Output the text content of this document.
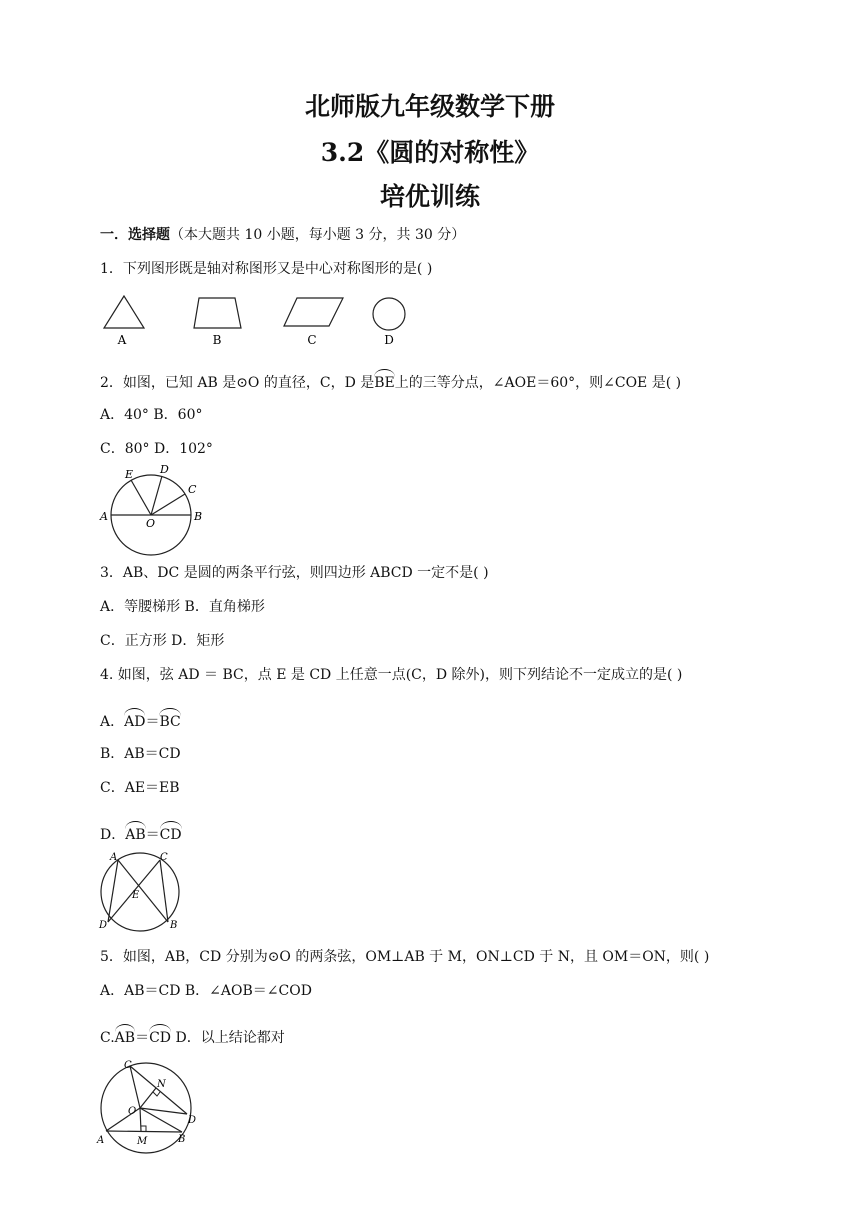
北师版九年级数学下册
3.2《圆的对称性》
培优训练
一．选择题（本大题共 10 小题，每小题 3 分，共 30 分）
1．下列图形既是轴对称图形又是中心对称图形的是( )
A	B	C	D
2．如图，已知 AB 是⊙O 的直径，C，D 是BE上的三等分点，∠AOE＝60°，则∠COE 是( )
A．40° B．60°
C．80° D．102°
A	B
C
D
E
O
3．AB、DC 是圆的两条平行弦，则四边形 ABCD 一定不是( )
A．等腰梯形 B．直角梯形
C．正方形 D．矩形
4. 如图，弦 AD ＝ BC，点 E 是 CD 上任意一点(C，D 除外)，则下列结论不一定成立的是( )
A．AD＝BC
B．AB＝CD
C．AE＝EB
D．AB＝CD
A
B
C
D
E
5．如图，AB，CD 分别为⊙O 的两条弦，OM⊥AB 于 M，ON⊥CD 于 N，且 OM＝ON，则( )
A．AB＝CD B．∠AOB＝∠COD
C.AB＝CD D．以上结论都对
A	B
C
D
N
O
M
